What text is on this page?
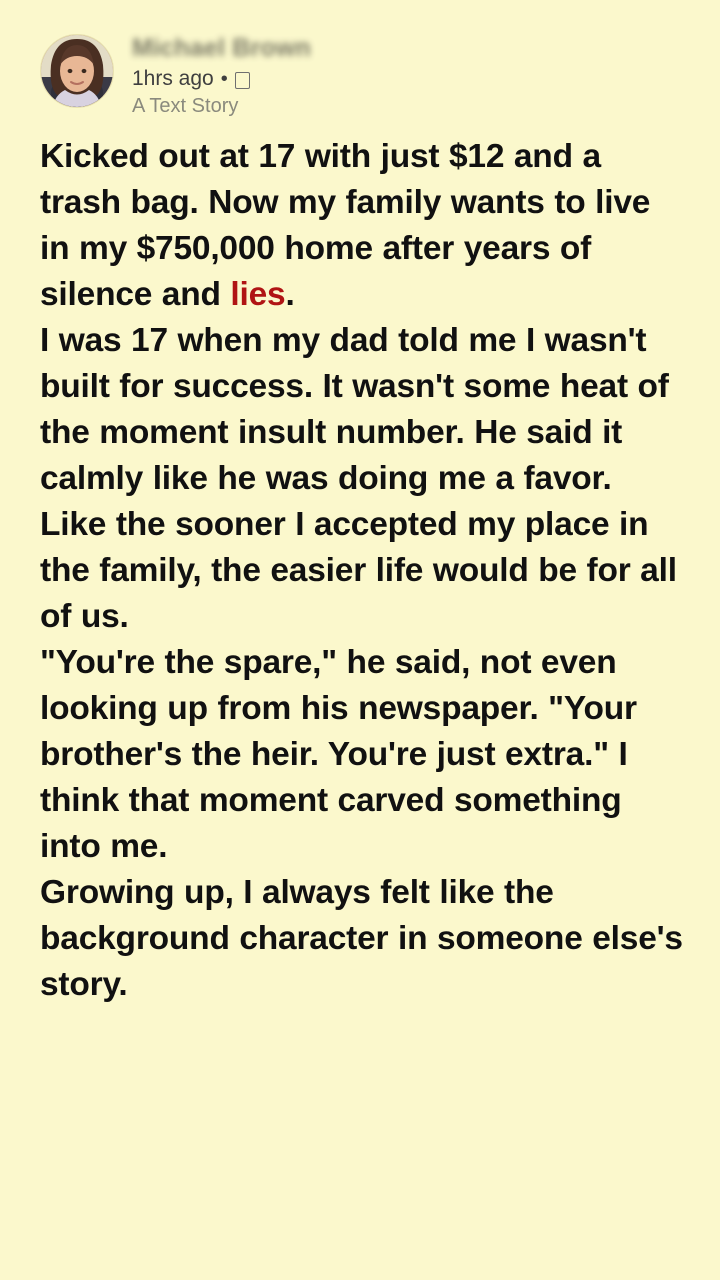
Michael Brown
1hrs ago •
A Text Story

Kicked out at 17 with just $12 and a trash bag. Now my family wants to live in my $750,000 home after years of silence and lies.

I was 17 when my dad told me I wasn't built for success. It wasn't some heat of the moment insult number. He said it calmly like he was doing me a favor. Like the sooner I accepted my place in the family, the easier life would be for all of us.

"You're the spare," he said, not even looking up from his newspaper. "Your brother's the heir. You're just extra." I think that moment carved something into me.

Growing up, I always felt like the background character in someone else's story.
